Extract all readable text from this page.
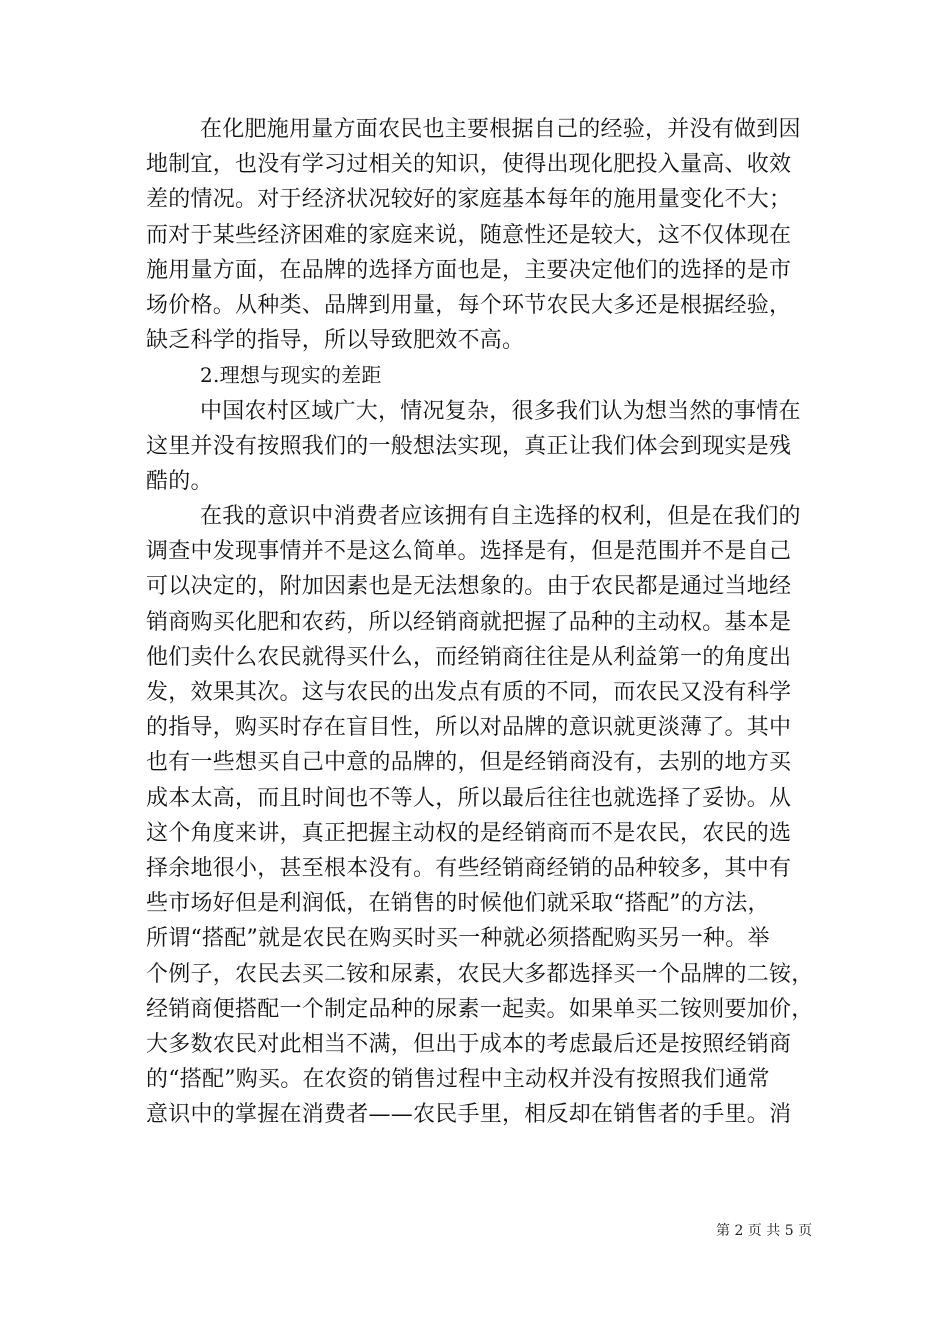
在化肥施用量方面农民也主要根据自己的经验，并没有做到因
地制宜，也没有学习过相关的知识，使得出现化肥投入量高、收效
差的情况。对于经济状况较好的家庭基本每年的施用量变化不大；
而对于某些经济困难的家庭来说，随意性还是较大，这不仅体现在
施用量方面，在品牌的选择方面也是，主要决定他们的选择的是市
场价格。从种类、品牌到用量，每个环节农民大多还是根据经验，
缺乏科学的指导，所以导致肥效不高。
2.理想与现实的差距
中国农村区域广大，情况复杂，很多我们认为想当然的事情在
这里并没有按照我们的一般想法实现，真正让我们体会到现实是残
酷的。
在我的意识中消费者应该拥有自主选择的权利，但是在我们的
调查中发现事情并不是这么简单。选择是有，但是范围并不是自己
可以决定的，附加因素也是无法想象的。由于农民都是通过当地经
销商购买化肥和农药，所以经销商就把握了品种的主动权。基本是
他们卖什么农民就得买什么，而经销商往往是从利益第一的角度出
发，效果其次。这与农民的出发点有质的不同，而农民又没有科学
的指导，购买时存在盲目性，所以对品牌的意识就更淡薄了。其中
也有一些想买自己中意的品牌的，但是经销商没有，去别的地方买
成本太高，而且时间也不等人，所以最后往往也就选择了妥协。从
这个角度来讲，真正把握主动权的是经销商而不是农民，农民的选
择余地很小，甚至根本没有。有些经销商经销的品种较多，其中有
些市场好但是利润低，在销售的时候他们就采取“搭配”的方法，
所谓“搭配”就是农民在购买时买一种就必须搭配购买另一种。举
个例子，农民去买二铵和尿素，农民大多都选择买一个品牌的二铵，
经销商便搭配一个制定品种的尿素一起卖。如果单买二铵则要加价，
大多数农民对此相当不满，但出于成本的考虑最后还是按照经销商
的“搭配”购买。在农资的销售过程中主动权并没有按照我们通常
意识中的掌握在消费者——农民手里，相反却在销售者的手里。消
第 2 页 共 5 页
